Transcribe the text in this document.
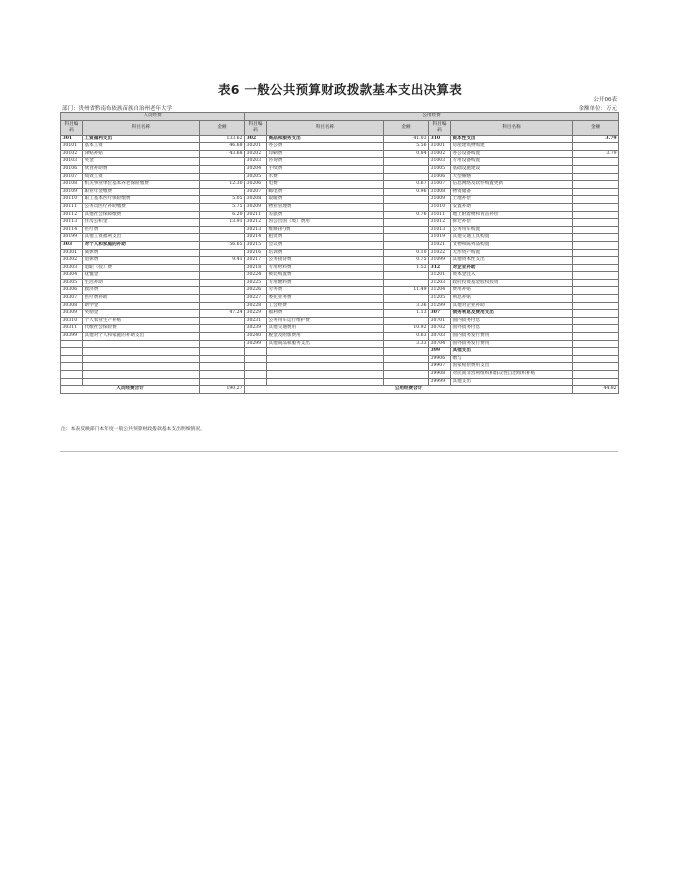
表6 一般公共预算财政拨款基本支出决算表
公开06表
部门：贵州省黔南布依族苗族自治州老年大学	金额单位：万元
人员经费			公用经费					
科目编码	科目名称	金额	科目编码	科目名称	金额	科目编码	科目名称	金额
301	工资福利支出	133.62	302	商品和服务支出	41.03	310	资本性支出	3.79
30101	基本工资	46.68	30201	办公费	5.56	31001	房屋建筑物购建	
30102	津贴补贴	43.68	30202	印刷费	0.84	31002	办公设备购置	3.79
30103	奖金		30203	咨询费		31003	专用设备购置	
30106	伙食补助费		30204	手续费		31005	基础设施建设	
30107	绩效工资		30205	水费		31006	大型修缮	
30108	机关事业单位基本养老保险缴费	12.30	30206	电费	0.67	31007	信息网络及软件购置更新	
30109	职业年金缴费		30207	邮电费	0.96	31008	物资储备	
30110	职工基本医疗保险缴费	5.05	30208	取暖费		31009	土地补偿	
30111	公务员医疗补助缴费	5.75	30209	物业管理费		31010	安置补助	
30112	其他社会保障缴费	6.20	30211	差旅费	0.76	31011	地上附着物和青苗补偿	
30113	住房公积金	13.91	30212	因公出国（境）费用		31012	拆迁补偿	
30114	医疗费		30213	维修(护)费		31013	公务用车购置	
30199	其他工资福利支出		30214	租赁费		31019	其他交通工具购置	
303	对个人和家庭的补助	56.65	30215	会议费		31021	文物和陈列品购置	
30301	离休费		30216	培训费	0.10	31022	无形资产购置	
30302	退休费	9.41	30217	公务接待费	0.75	31099	其他资本性支出	
30303	退职（役）费		30218	专用材料费	1.52	312	对企业补助	
30304	抚恤金		30224	被装购置费		31201	资本金注入	
30305	生活补助		30225	专用燃料费		31203	政府投资基金股权投资	
30306	救济费		30226	劳务费	11.49	31204	费用补贴	
30307	医疗费补助		30227	委托业务费		31205	利息补贴	
30308	助学金		30228	工会经费	3.36	31299	其他对企业补助	
30309	奖励金	47.24	30229	福利费	1.13	307	债务利息及费用支出	
30310	个人农业生产补贴		30231	公务用车运行维护费		30701	国内债务付息	
30311	代缴社会保险费		30239	其他交通费用	10.92	30702	国外债务付息	
30399	其他对个人和家庭的补助支出		30240	税金及附加费用	0.63	30703	国内债务发行费用	
			30299	其他商品和服务支出	3.33	30704	国外债务发行费用	
						399	其他支出	
						39906	赠与	
						39907	国家赔偿费用支出	
						39908	对民间非营利组织和群众性自治组织补贴	
						39999	其他支出	
人员经费合计		190.27	公用经费合计					44.82
注：本表反映部门本年度一般公共预算财政拨款基本支出明细情况。
